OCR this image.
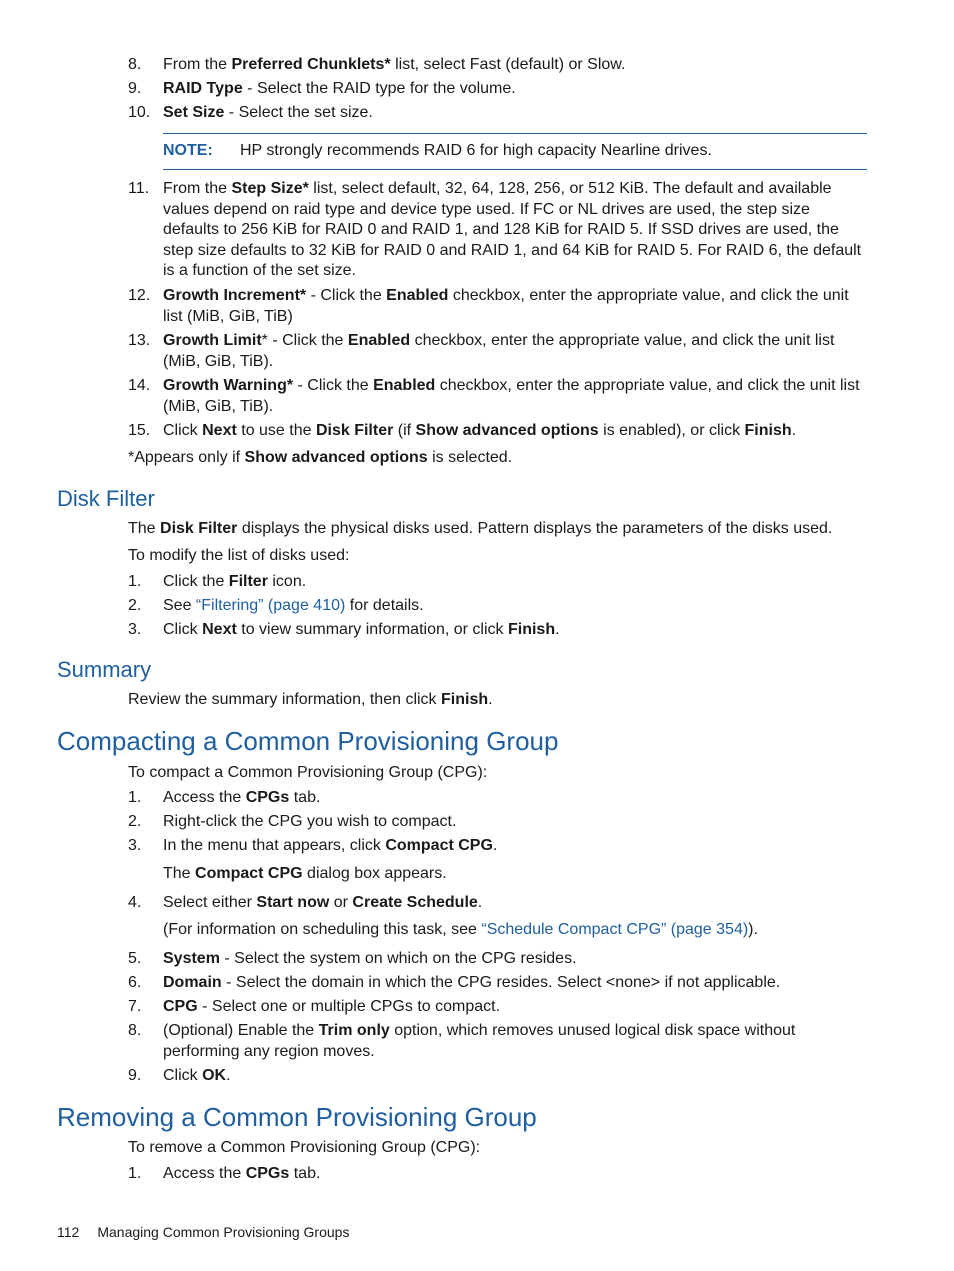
8. From the Preferred Chunklets* list, select Fast (default) or Slow.
9. RAID Type - Select the RAID type for the volume.
10. Set Size - Select the set size.
NOTE: HP strongly recommends RAID 6 for high capacity Nearline drives.
11. From the Step Size* list, select default, 32, 64, 128, 256, or 512 KiB. The default and available values depend on raid type and device type used. If FC or NL drives are used, the step size defaults to 256 KiB for RAID 0 and RAID 1, and 128 KiB for RAID 5. If SSD drives are used, the step size defaults to 32 KiB for RAID 0 and RAID 1, and 64 KiB for RAID 5. For RAID 6, the default is a function of the set size.
12. Growth Increment* - Click the Enabled checkbox, enter the appropriate value, and click the unit list (MiB, GiB, TiB)
13. Growth Limit* - Click the Enabled checkbox, enter the appropriate value, and click the unit list (MiB, GiB, TiB).
14. Growth Warning* - Click the Enabled checkbox, enter the appropriate value, and click the unit list (MiB, GiB, TiB).
15. Click Next to use the Disk Filter (if Show advanced options is enabled), or click Finish.
*Appears only if Show advanced options is selected.
Disk Filter
The Disk Filter displays the physical disks used. Pattern displays the parameters of the disks used.
To modify the list of disks used:
1. Click the Filter icon.
2. See “Filtering” (page 410) for details.
3. Click Next to view summary information, or click Finish.
Summary
Review the summary information, then click Finish.
Compacting a Common Provisioning Group
To compact a Common Provisioning Group (CPG):
1. Access the CPGs tab.
2. Right-click the CPG you wish to compact.
3. In the menu that appears, click Compact CPG.
The Compact CPG dialog box appears.
4. Select either Start now or Create Schedule.
(For information on scheduling this task, see “Schedule Compact CPG” (page 354)).
5. System - Select the system on which on the CPG resides.
6. Domain - Select the domain in which the CPG resides. Select <none> if not applicable.
7. CPG - Select one or multiple CPGs to compact.
8. (Optional) Enable the Trim only option, which removes unused logical disk space without performing any region moves.
9. Click OK.
Removing a Common Provisioning Group
To remove a Common Provisioning Group (CPG):
1. Access the CPGs tab.
112 Managing Common Provisioning Groups
